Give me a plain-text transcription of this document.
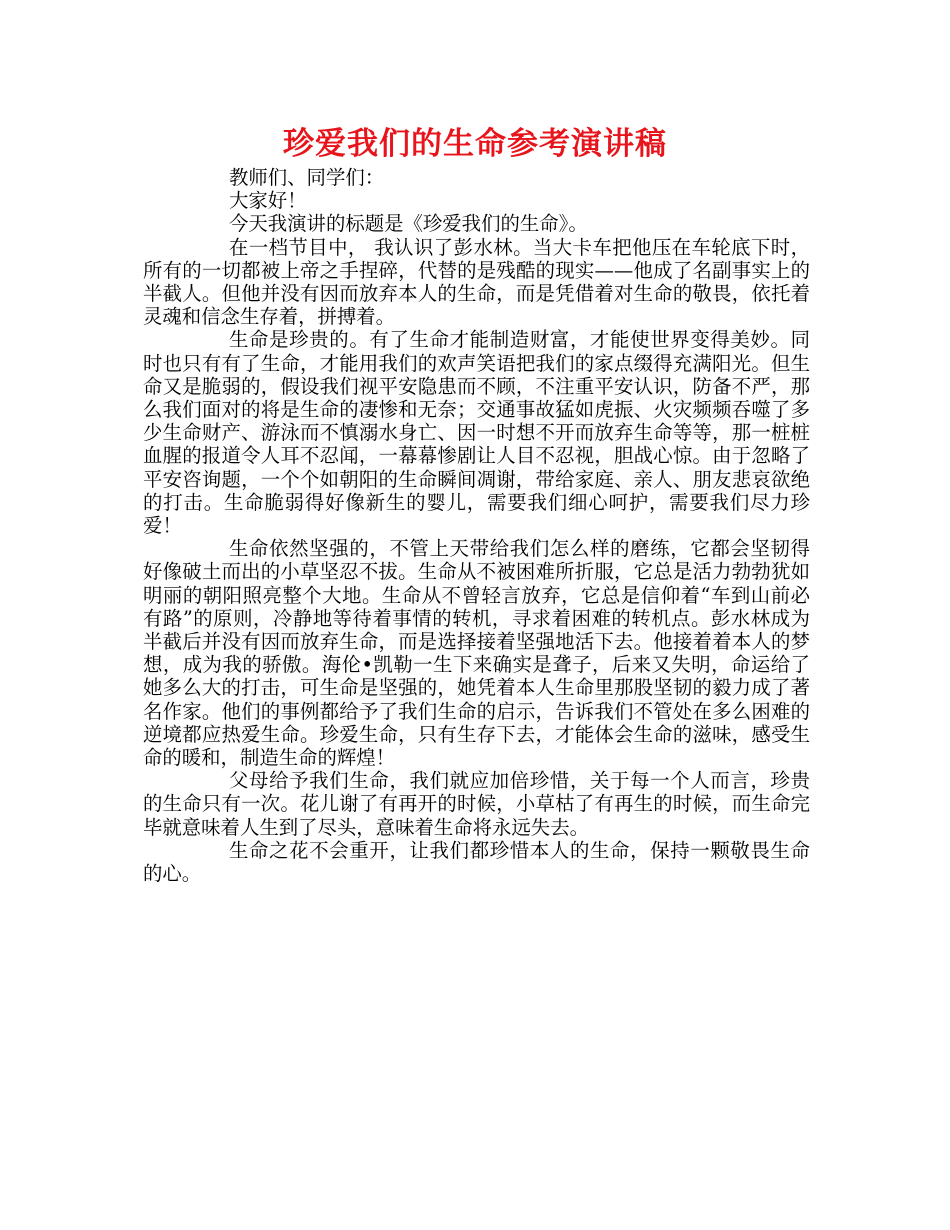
珍爱我们的生命参考演讲稿

教师们、同学们：

大家好！

今天我演讲的标题是《珍爱我们的生命》。

在一档节目中， 我认识了彭水林。当大卡车把他压在车轮底下时，所有的一切都被上帝之手捏碎，代替的是残酷的现实——他成了名副事实上的半截人。但他并没有因而放弃本人的生命，而是凭借着对生命的敬畏，依托着灵魂和信念生存着，拼搏着。

生命是珍贵的。有了生命才能制造财富，才能使世界变得美妙。同时也只有有了生命，才能用我们的欢声笑语把我们的家点缀得充满阳光。但生命又是脆弱的，假设我们视平安隐患而不顾，不注重平安认识，防备不严，那么我们面对的将是生命的凄惨和无奈；交通事故猛如虎振、火灾频频吞噬了多少生命财产、游泳而不慎溺水身亡、因一时想不开而放弃生命等等，那一桩桩血腥的报道令人耳不忍闻，一幕幕惨剧让人目不忍视，胆战心惊。由于忽略了平安咨询题，一个个如朝阳的生命瞬间凋谢，带给家庭、亲人、朋友悲哀欲绝的打击。生命脆弱得好像新生的婴儿，需要我们细心呵护，需要我们尽力珍爱！

生命依然坚强的，不管上天带给我们怎么样的磨练，它都会坚韧得好像破土而出的小草坚忍不拔。生命从不被困难所折服，它总是活力勃勃犹如明丽的朝阳照亮整个大地。生命从不曾轻言放弃，它总是信仰着“车到山前必有路”的原则，冷静地等待着事情的转机，寻求着困难的转机点。彭水林成为半截后并没有因而放弃生命，而是选择接着坚强地活下去。他接着着本人的梦想，成为我的骄傲。海伦•凯勒一生下来确实是聋子，后来又失明，命运给了她多么大的打击，可生命是坚强的，她凭着本人生命里那股坚韧的毅力成了著名作家。他们的事例都给予了我们生命的启示，告诉我们不管处在多么困难的逆境都应热爱生命。珍爱生命，只有生存下去，才能体会生命的滋味，感受生命的暖和，制造生命的辉煌！

父母给予我们生命，我们就应加倍珍惜，关于每一个人而言，珍贵的生命只有一次。花儿谢了有再开的时候，小草枯了有再生的时候，而生命完毕就意味着人生到了尽头，意味着生命将永远失去。

生命之花不会重开，让我们都珍惜本人的生命，保持一颗敬畏生命的心。
